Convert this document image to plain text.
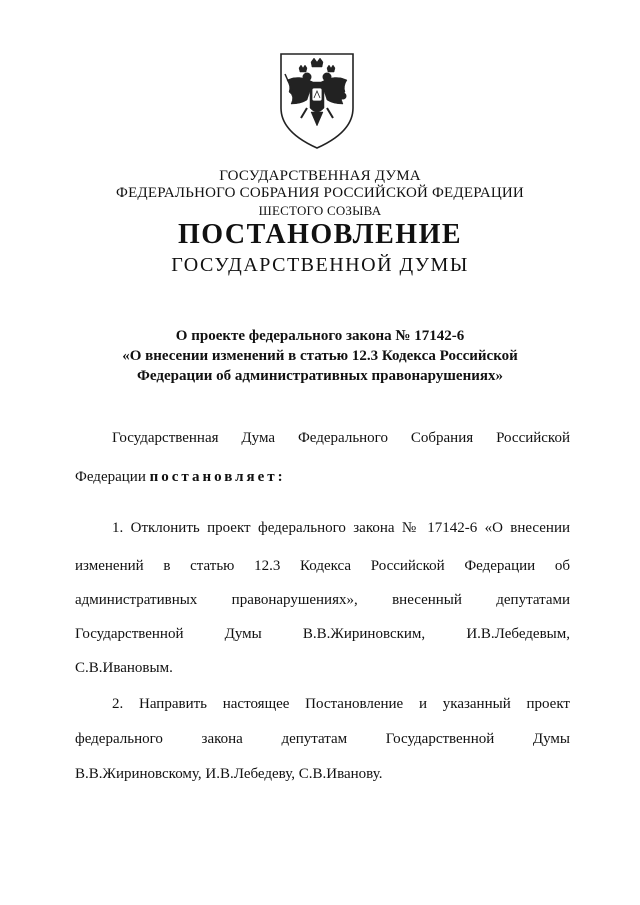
ГОСУДАРСТВЕННАЯ ДУМА
ФЕДЕРАЛЬНОГО СОБРАНИЯ РОССИЙСКОЙ ФЕДЕРАЦИИ
ШЕСТОГО СОЗЫВА
ПОСТАНОВЛЕНИЕ
ГОСУДАРСТВЕННОЙ ДУМЫ
О проекте федерального закона № 17142-6
«О внесении изменений в статью 12.3 Кодекса Российской
Федерации об административных правонарушениях»
Государственная Дума Федерального Собрания Российской
Федерации постановляет:
1. Отклонить проект федерального закона № 17142-6 «О внесении
изменений в статью 12.3 Кодекса Российской Федерации об
административных правонарушениях», внесенный депутатами
Государственной Думы В.В.Жириновским, И.В.Лебедевым,
С.В.Ивановым.
2. Направить настоящее Постановление и указанный проект
федерального закона депутатам Государственной Думы
В.В.Жириновскому, И.В.Лебедеву, С.В.Иванову.
